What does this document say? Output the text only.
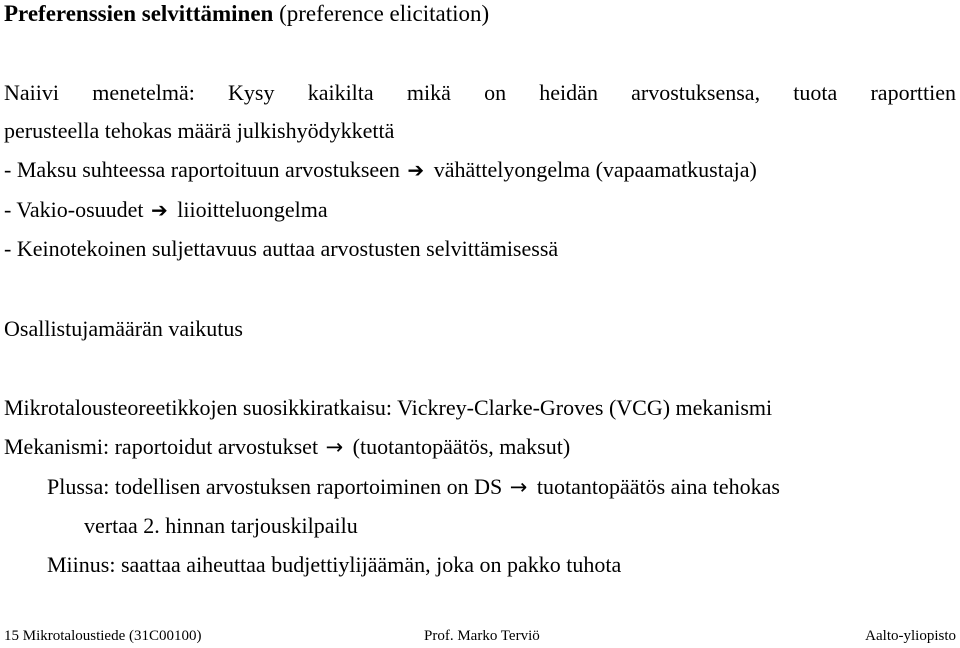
Preferenssien selvittäminen (preference elicitation)
Naiivi menetelmä: Kysy kaikilta mikä on heidän arvostuksensa, tuota raporttien
perusteella tehokas määrä julkishyödykkettä
- Maksu suhteessa raportoituun arvostukseen ➔ vähättelyongelma (vapaamatkustaja)
- Vakio-osuudet ➔ liioitteluongelma
- Keinotekoinen suljettavuus auttaa arvostusten selvittämisessä
Osallistujamäärän vaikutus
Mikrotalousteoreetikkojen suosikkiratkaisu: Vickrey-Clarke-Groves (VCG) mekanismi
Mekanismi: raportoidut arvostukset → (tuotantopäätös, maksut)
Plussa: todellisen arvostuksen raportoiminen on DS → tuotantopäätös aina tehokas
vertaa 2. hinnan tarjouskilpailu
Miinus: saattaa aiheuttaa budjettiylijäämän, joka on pakko tuhota
15 Mikrotaloustiede (31C00100)	Prof. Marko Terviö	Aalto-yliopisto
